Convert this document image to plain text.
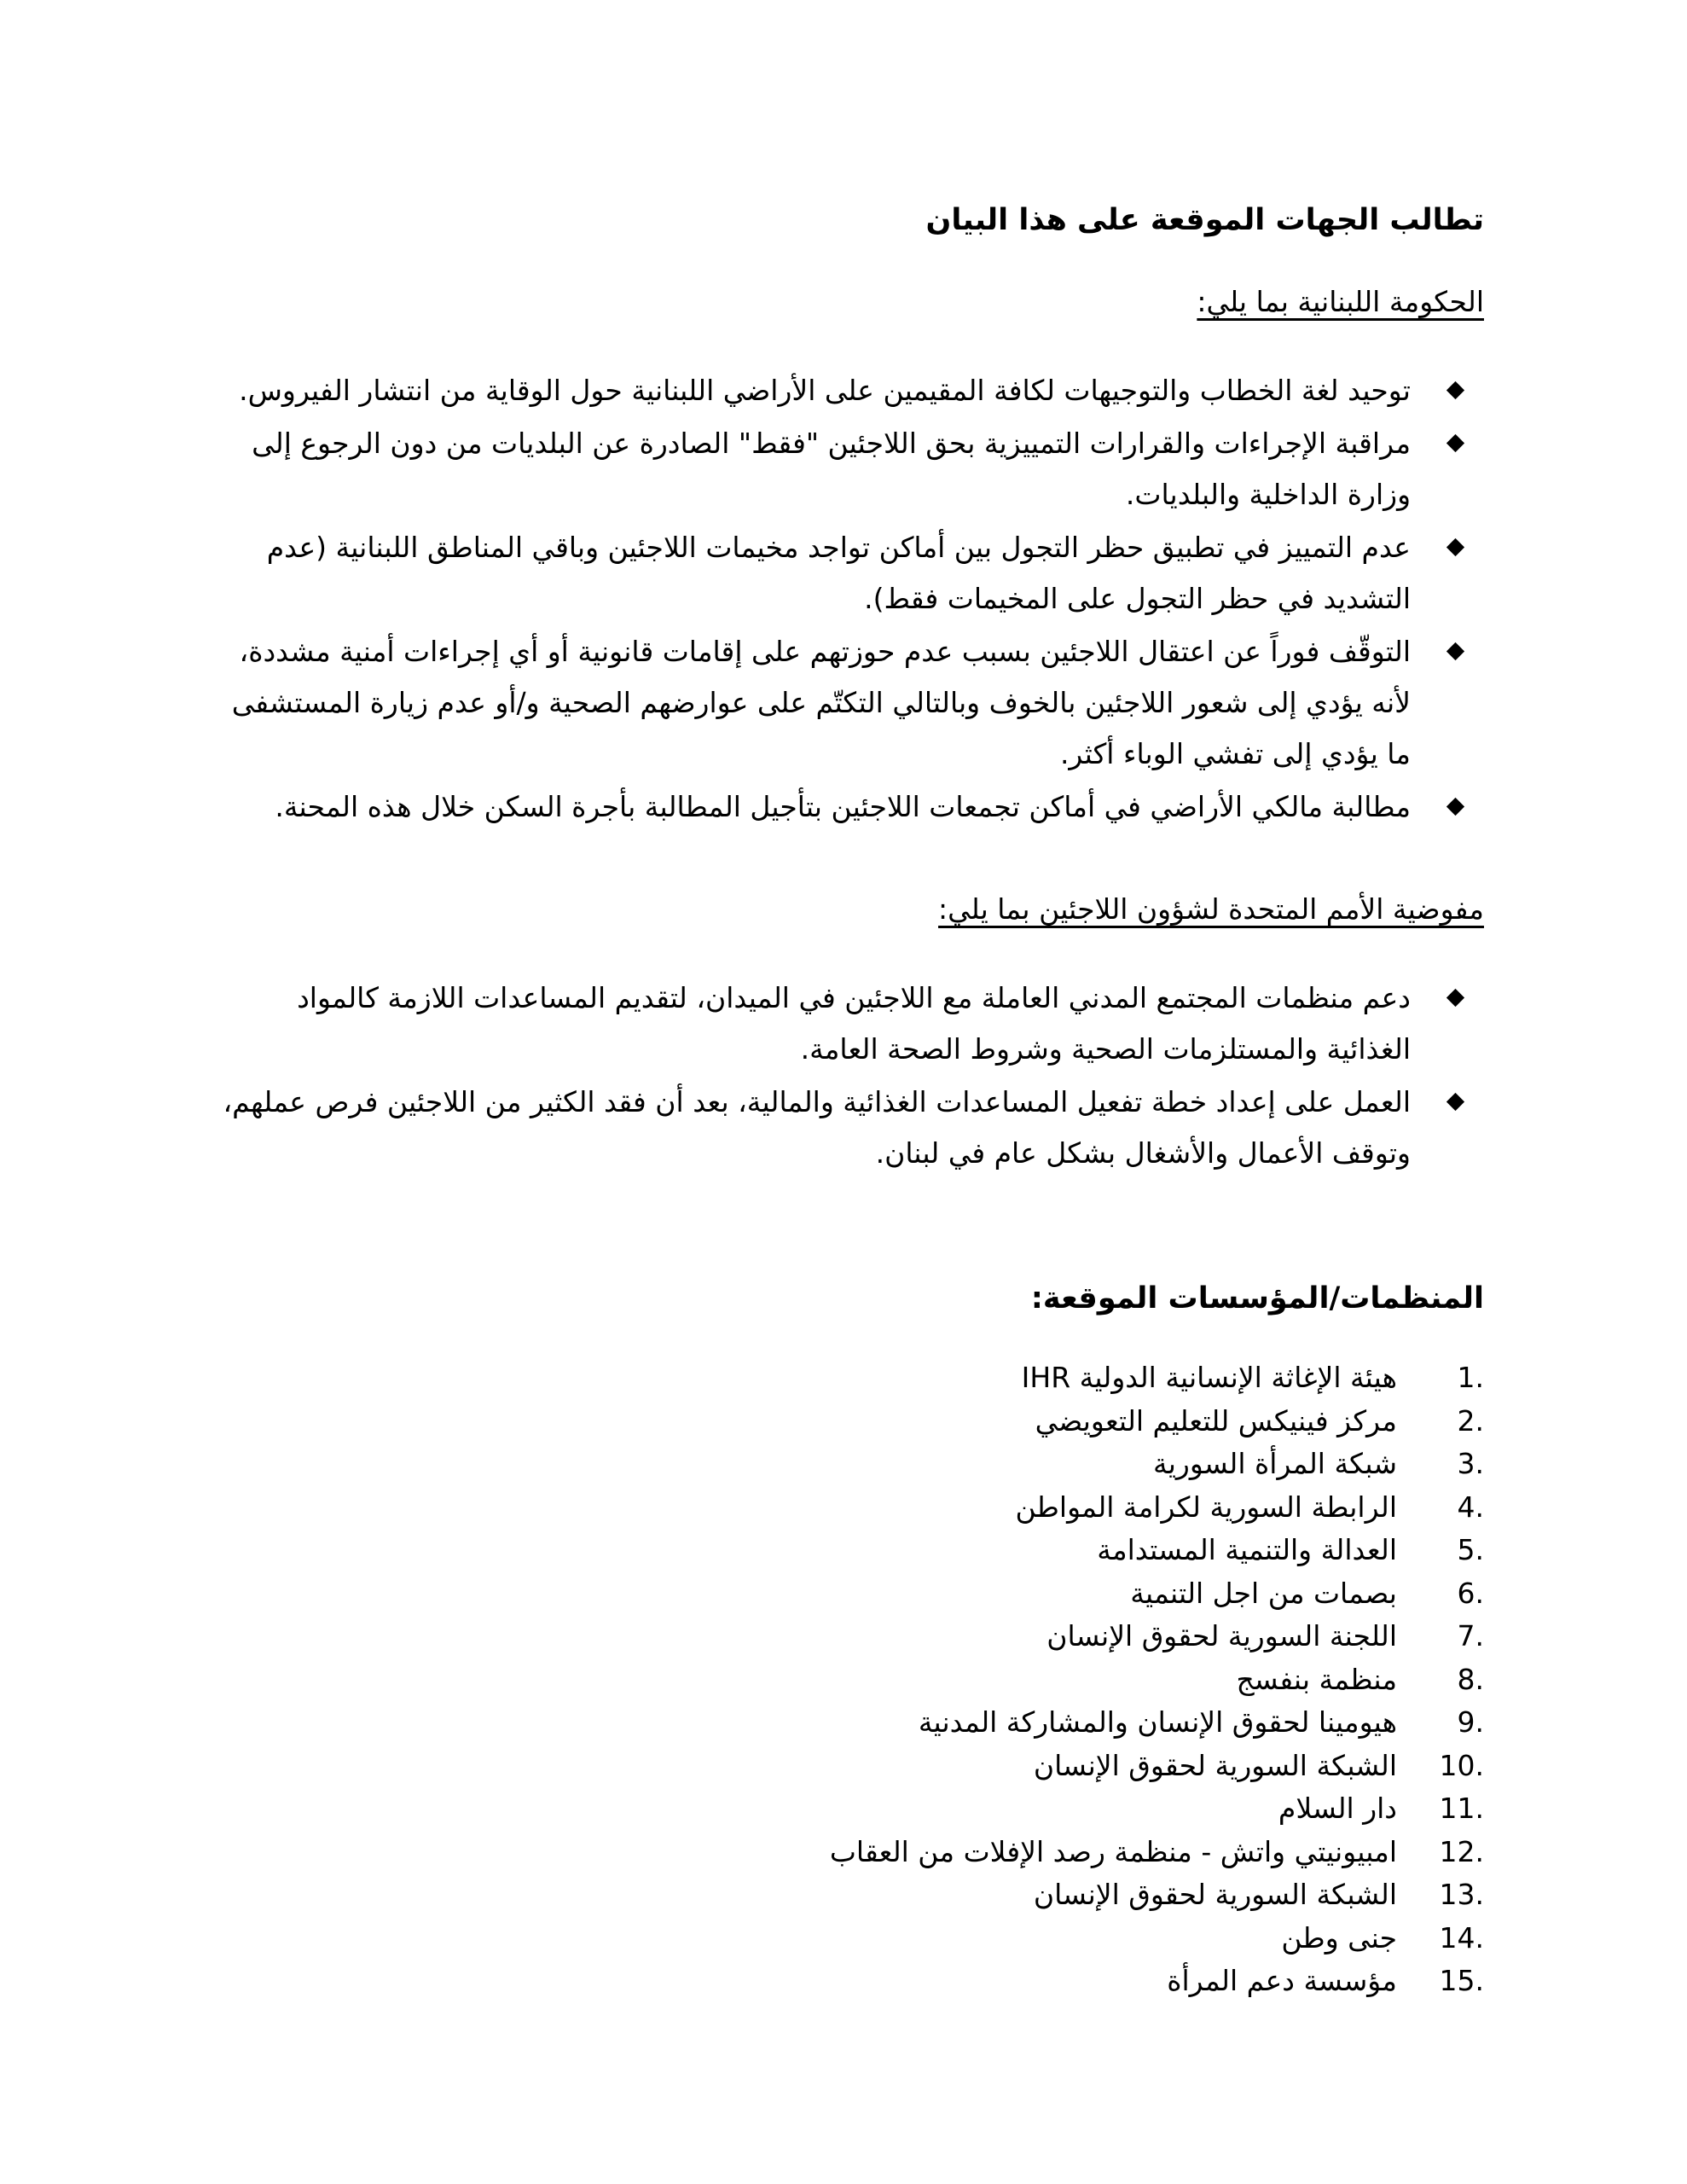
تطالب الجهات الموقعة على هذا البيان
الحكومة اللبنانية بما يلي:
توحيد لغة الخطاب والتوجيهات لكافة المقيمين على الأراضي اللبنانية حول الوقاية من انتشار الفيروس.
مراقبة الإجراءات والقرارات التمييزية بحق اللاجئين "فقط" الصادرة عن البلديات من دون الرجوع إلى وزارة الداخلية والبلديات.
عدم التمييز في تطبيق حظر التجول بين أماكن تواجد مخيمات اللاجئين وباقي المناطق اللبنانية (عدم التشديد في حظر التجول على المخيمات فقط).
التوقّف فوراً عن اعتقال اللاجئين بسبب عدم حوزتهم على إقامات قانونية أو أي إجراءات أمنية مشددة، لأنه يؤدي إلى شعور اللاجئين بالخوف وبالتالي التكتّم على عوارضهم الصحية و/أو عدم زيارة المستشفى ما يؤدي إلى تفشي الوباء أكثر.
مطالبة مالكي الأراضي في أماكن تجمعات اللاجئين بتأجيل المطالبة بأجرة السكن خلال هذه المحنة.
مفوضية الأمم المتحدة لشؤون اللاجئين بما يلي:
دعم منظمات المجتمع المدني العاملة مع اللاجئين في الميدان، لتقديم المساعدات اللازمة كالمواد الغذائية والمستلزمات الصحية وشروط الصحة العامة.
العمل على إعداد خطة تفعيل المساعدات الغذائية والمالية، بعد أن فقد الكثير من اللاجئين فرص عملهم، وتوقف الأعمال والأشغال بشكل عام في لبنان.
المنظمات/المؤسسات الموقعة:
1.
هيئة الإغاثة الإنسانية الدولية IHR
2.
مركز فينيكس للتعليم التعويضي
3.
شبكة المرأة السورية
4.
الرابطة السورية لكرامة المواطن
5.
العدالة والتنمية المستدامة
6.
بصمات من اجل التنمية
7.
اللجنة السورية لحقوق الإنسان
8.
منظمة بنفسج
9.
هيومينا لحقوق الإنسان والمشاركة المدنية
10.
الشبكة السورية لحقوق الإنسان
11.
دار السلام
12.
امبيونيتي واتش - منظمة رصد الإفلات من العقاب
13.
الشبكة السورية لحقوق الإنسان
14.
جنى وطن
15.
مؤسسة دعم المرأة
